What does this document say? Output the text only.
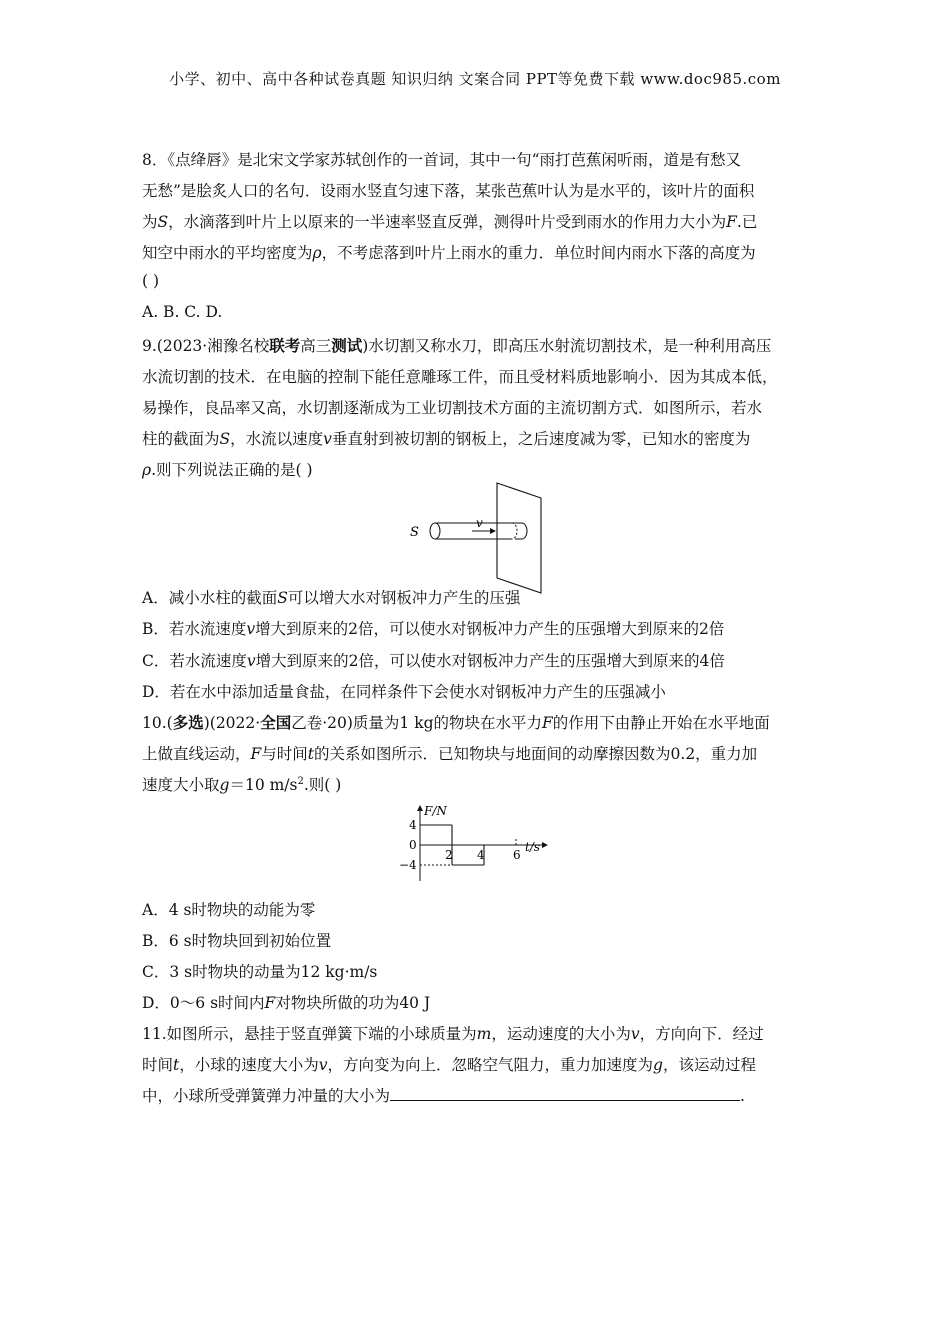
小学、初中、高中各种试卷真题 知识归纳 文案合同 PPT等免费下载 www.doc985.com
8．《点绛唇》是北宋文学家苏轼创作的一首词，其中一句“雨打芭蕉闲听雨，道是有愁又
无愁”是脍炙人口的名句．设雨水竖直匀速下落，某张芭蕉叶认为是水平的，该叶片的面积
为S，水滴落到叶片上以原来的一半速率竖直反弹，测得叶片受到雨水的作用力大小为F.已
知空中雨水的平均密度为ρ，不考虑落到叶片上雨水的重力．单位时间内雨水下落的高度为
( )
A. B. C. D.
9.(2023·湘豫名校联考高三测试)水切割又称水刀，即高压水射流切割技术，是一种利用高压
水流切割的技术．在电脑的控制下能任意雕琢工件，而且受材料质地影响小．因为其成本低，
易操作，良品率又高，水切割逐渐成为工业切割技术方面的主流切割方式．如图所示，若水
柱的截面为S，水流以速度v垂直射到被切割的钢板上，之后速度减为零，已知水的密度为
ρ.则下列说法正确的是( )
v
S
A．减小水柱的截面S可以增大水对钢板冲力产生的压强
B．若水流速度v增大到原来的2倍，可以使水对钢板冲力产生的压强增大到原来的2倍
C．若水流速度v增大到原来的2倍，可以使水对钢板冲力产生的压强增大到原来的4倍
D．若在水中添加适量食盐，在同样条件下会使水对钢板冲力产生的压强减小
10.(多选)(2022·全国乙卷·20)质量为1 kg的物块在水平力F的作用下由静止开始在水平地面
上做直线运动，F与时间t的关系如图所示．已知物块与地面间的动摩擦因数为0.2，重力加
速度大小取g＝10 $m/s^2$.则( )
F/N
t/s
4
0
−4
2 4 6
A．4 s时物块的动能为零
B．6 s时物块回到初始位置
C．3 s时物块的动量为12 kg·m/s
D．0～6 s时间内F对物块所做的功为40 J
11.如图所示，悬挂于竖直弹簧下端的小球质量为m，运动速度的大小为v，方向向下．经过
时间t，小球的速度大小为v，方向变为向上．忽略空气阻力，重力加速度为g，该运动过程
中，小球所受弹簧弹力冲量的大小为	.
